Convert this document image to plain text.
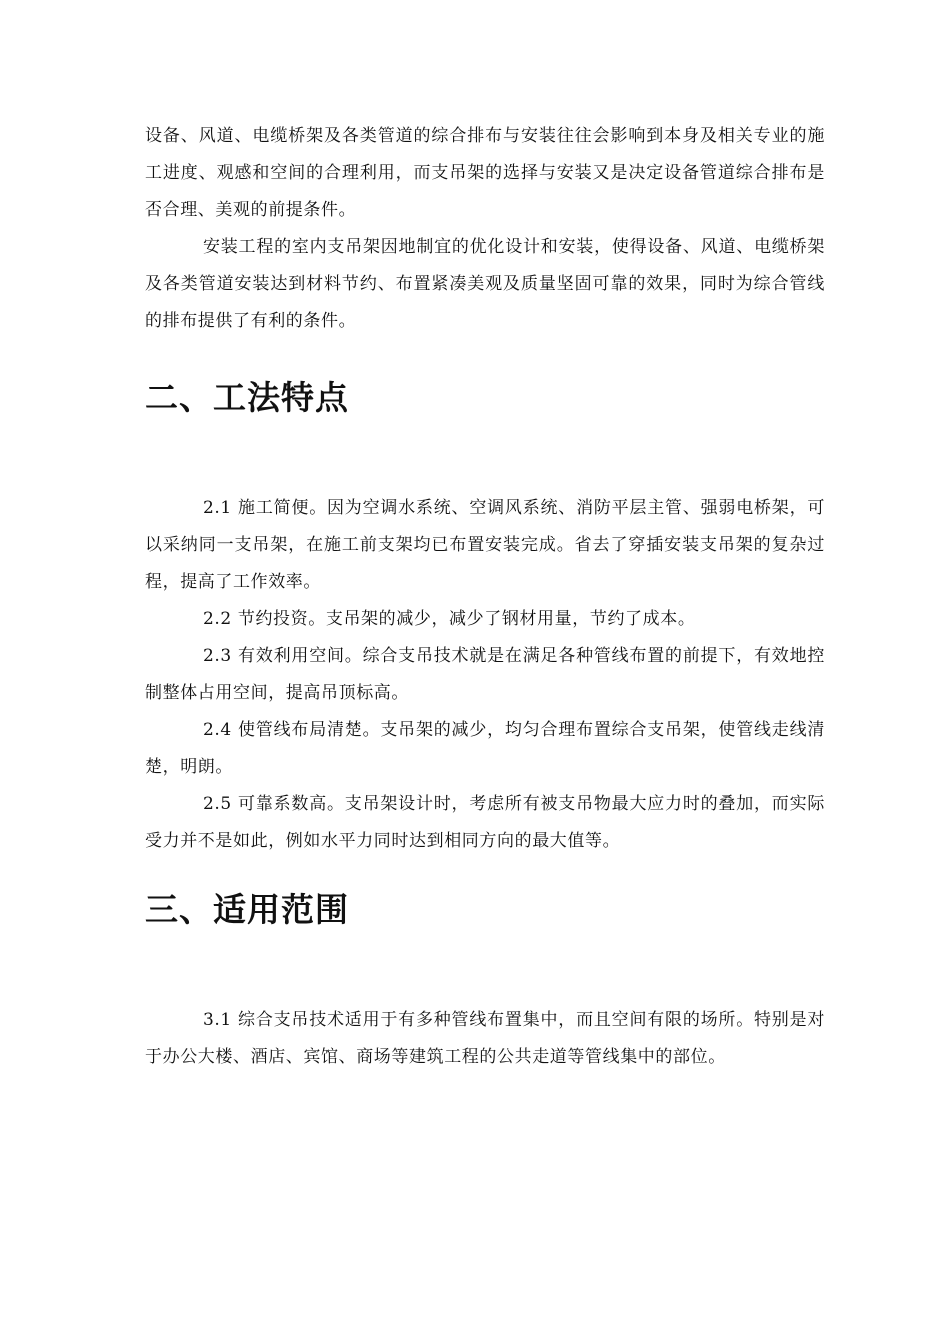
设备、风道、电缆桥架及各类管道的综合排布与安装往往会影响到本身及相关专业的施工进度、观感和空间的合理利用，而支吊架的选择与安装又是决定设备管道综合排布是否合理、美观的前提条件。

安装工程的室内支吊架因地制宜的优化设计和安装，使得设备、风道、电缆桥架及各类管道安装达到材料节约、布置紧凑美观及质量坚固可靠的效果，同时为综合管线的排布提供了有利的条件。

二、工法特点

2.1 施工简便。因为空调水系统、空调风系统、消防平层主管、强弱电桥架，可以采纳同一支吊架，在施工前支架均已布置安装完成。省去了穿插安装支吊架的复杂过程，提高了工作效率。

2.2 节约投资。支吊架的减少，减少了钢材用量，节约了成本。

2.3 有效利用空间。综合支吊技术就是在满足各种管线布置的前提下，有效地控制整体占用空间，提高吊顶标高。

2.4 使管线布局清楚。支吊架的减少，均匀合理布置综合支吊架，使管线走线清楚，明朗。

2.5 可靠系数高。支吊架设计时，考虑所有被支吊物最大应力时的叠加，而实际受力并不是如此，例如水平力同时达到相同方向的最大值等。

三、适用范围

3.1 综合支吊技术适用于有多种管线布置集中，而且空间有限的场所。特别是对于办公大楼、酒店、宾馆、商场等建筑工程的公共走道等管线集中的部位。
